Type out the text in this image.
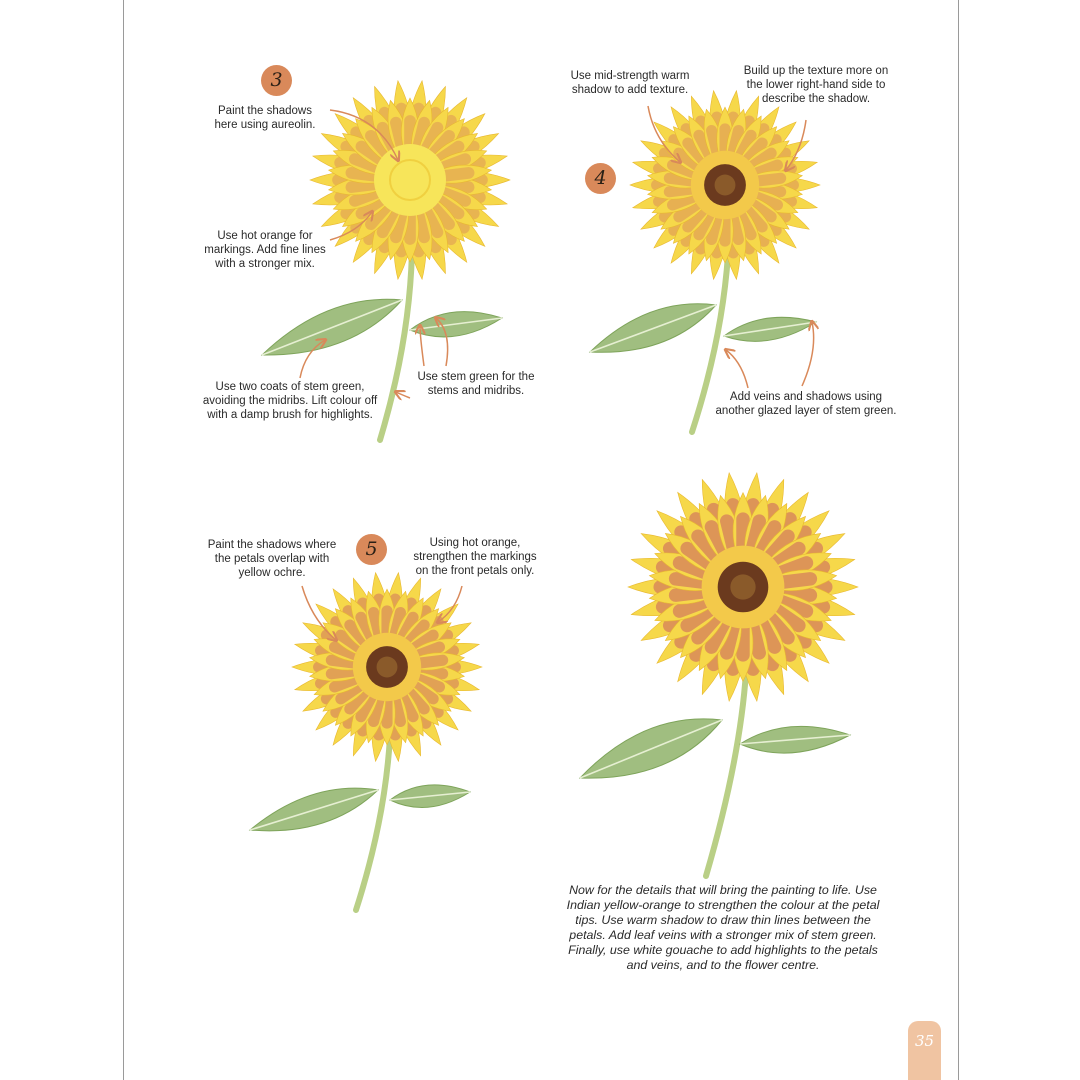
3
4
5
Paint the shadows
here using aureolin.
Use hot orange for
markings. Add fine lines
with a stronger mix.
Use two coats of stem green,
avoiding the midribs. Lift colour off
with a damp brush for highlights.
Use stem green for the
stems and midribs.
Use mid-strength warm
shadow to add texture.
Build up the texture more on
the lower right-hand side to
describe the shadow.
Add veins and shadows using
another glazed layer of stem green.
Paint the shadows where
the petals overlap with
yellow ochre.
Using hot orange,
strengthen the markings
on the front petals only.
Now for the details that will bring the painting to life. Use Indian yellow-orange to strengthen the colour at the petal tips. Use warm shadow to draw thin lines between the petals. Add leaf veins with a stronger mix of stem green. Finally, use white gouache to add highlights to the petals and veins, and to the flower centre.
35
